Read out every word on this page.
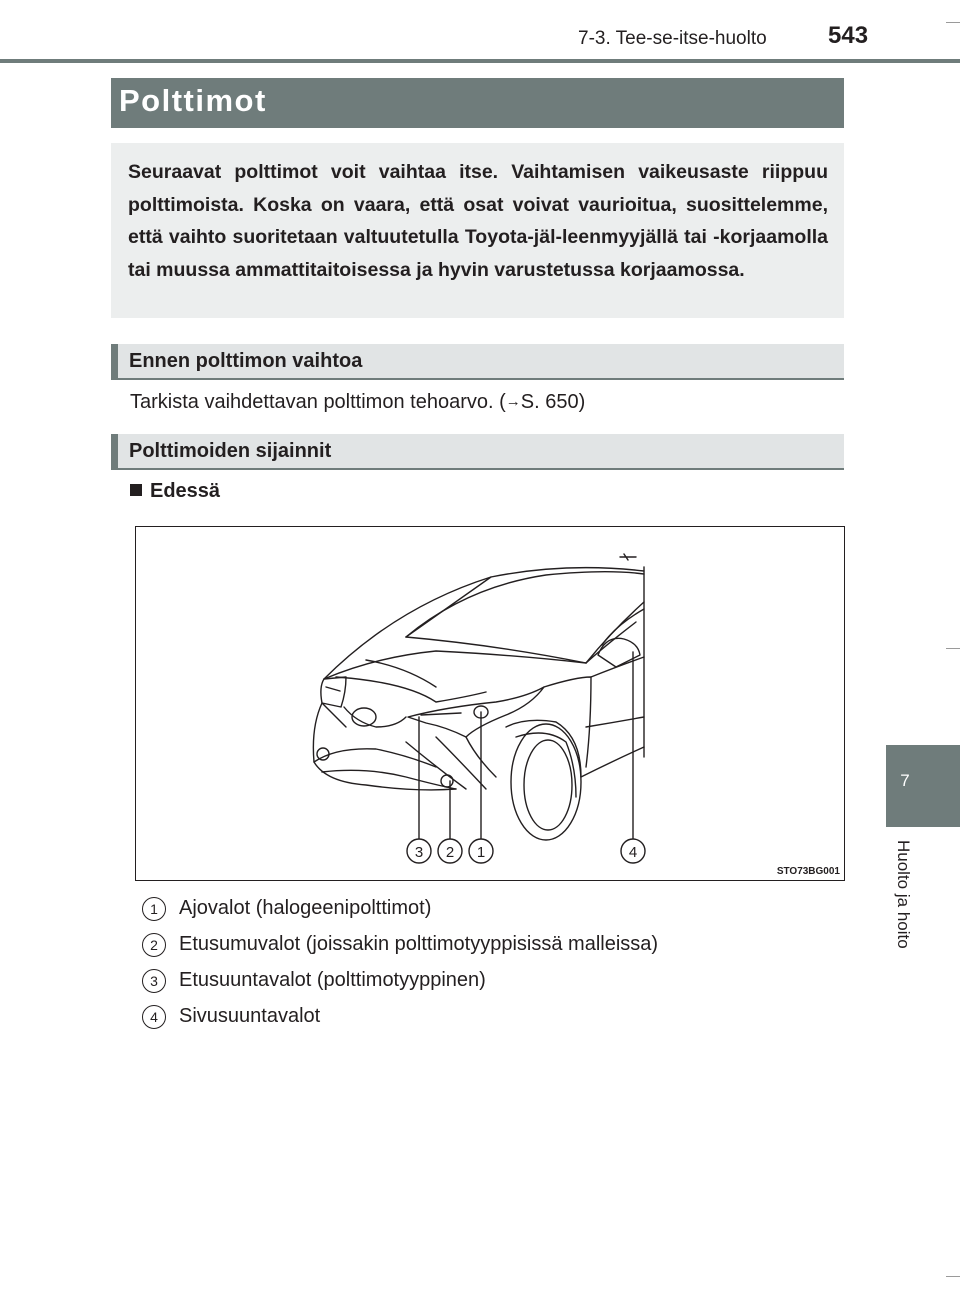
7-3. Tee-se-itse-huolto	543
Polttimot
Seuraavat polttimot voit vaihtaa itse. Vaihtamisen vaikeusaste riippuu polttimoista. Koska on vaara, että osat voivat vaurioitua, suosittelemme, että vaihto suoritetaan valtuutetulla Toyota-jäl-leenmyyjällä tai -korjaamolla tai muussa ammattitaitoisessa ja hyvin varustetussa korjaamossa.
Ennen polttimon vaihtoa
Tarkista vaihdettavan polttimon tehoarvo. (→S. 650)
Polttimoiden sijainnit
Edessä
3 2 1	4
STO73BG001
1	Ajovalot (halogeenipolttimot)
2	Etusumuvalot (joissakin polttimotyyppisissä malleissa)
3	Etusuuntavalot (polttimotyyppinen)
4	Sivusuuntavalot
7
Huolto ja hoito
